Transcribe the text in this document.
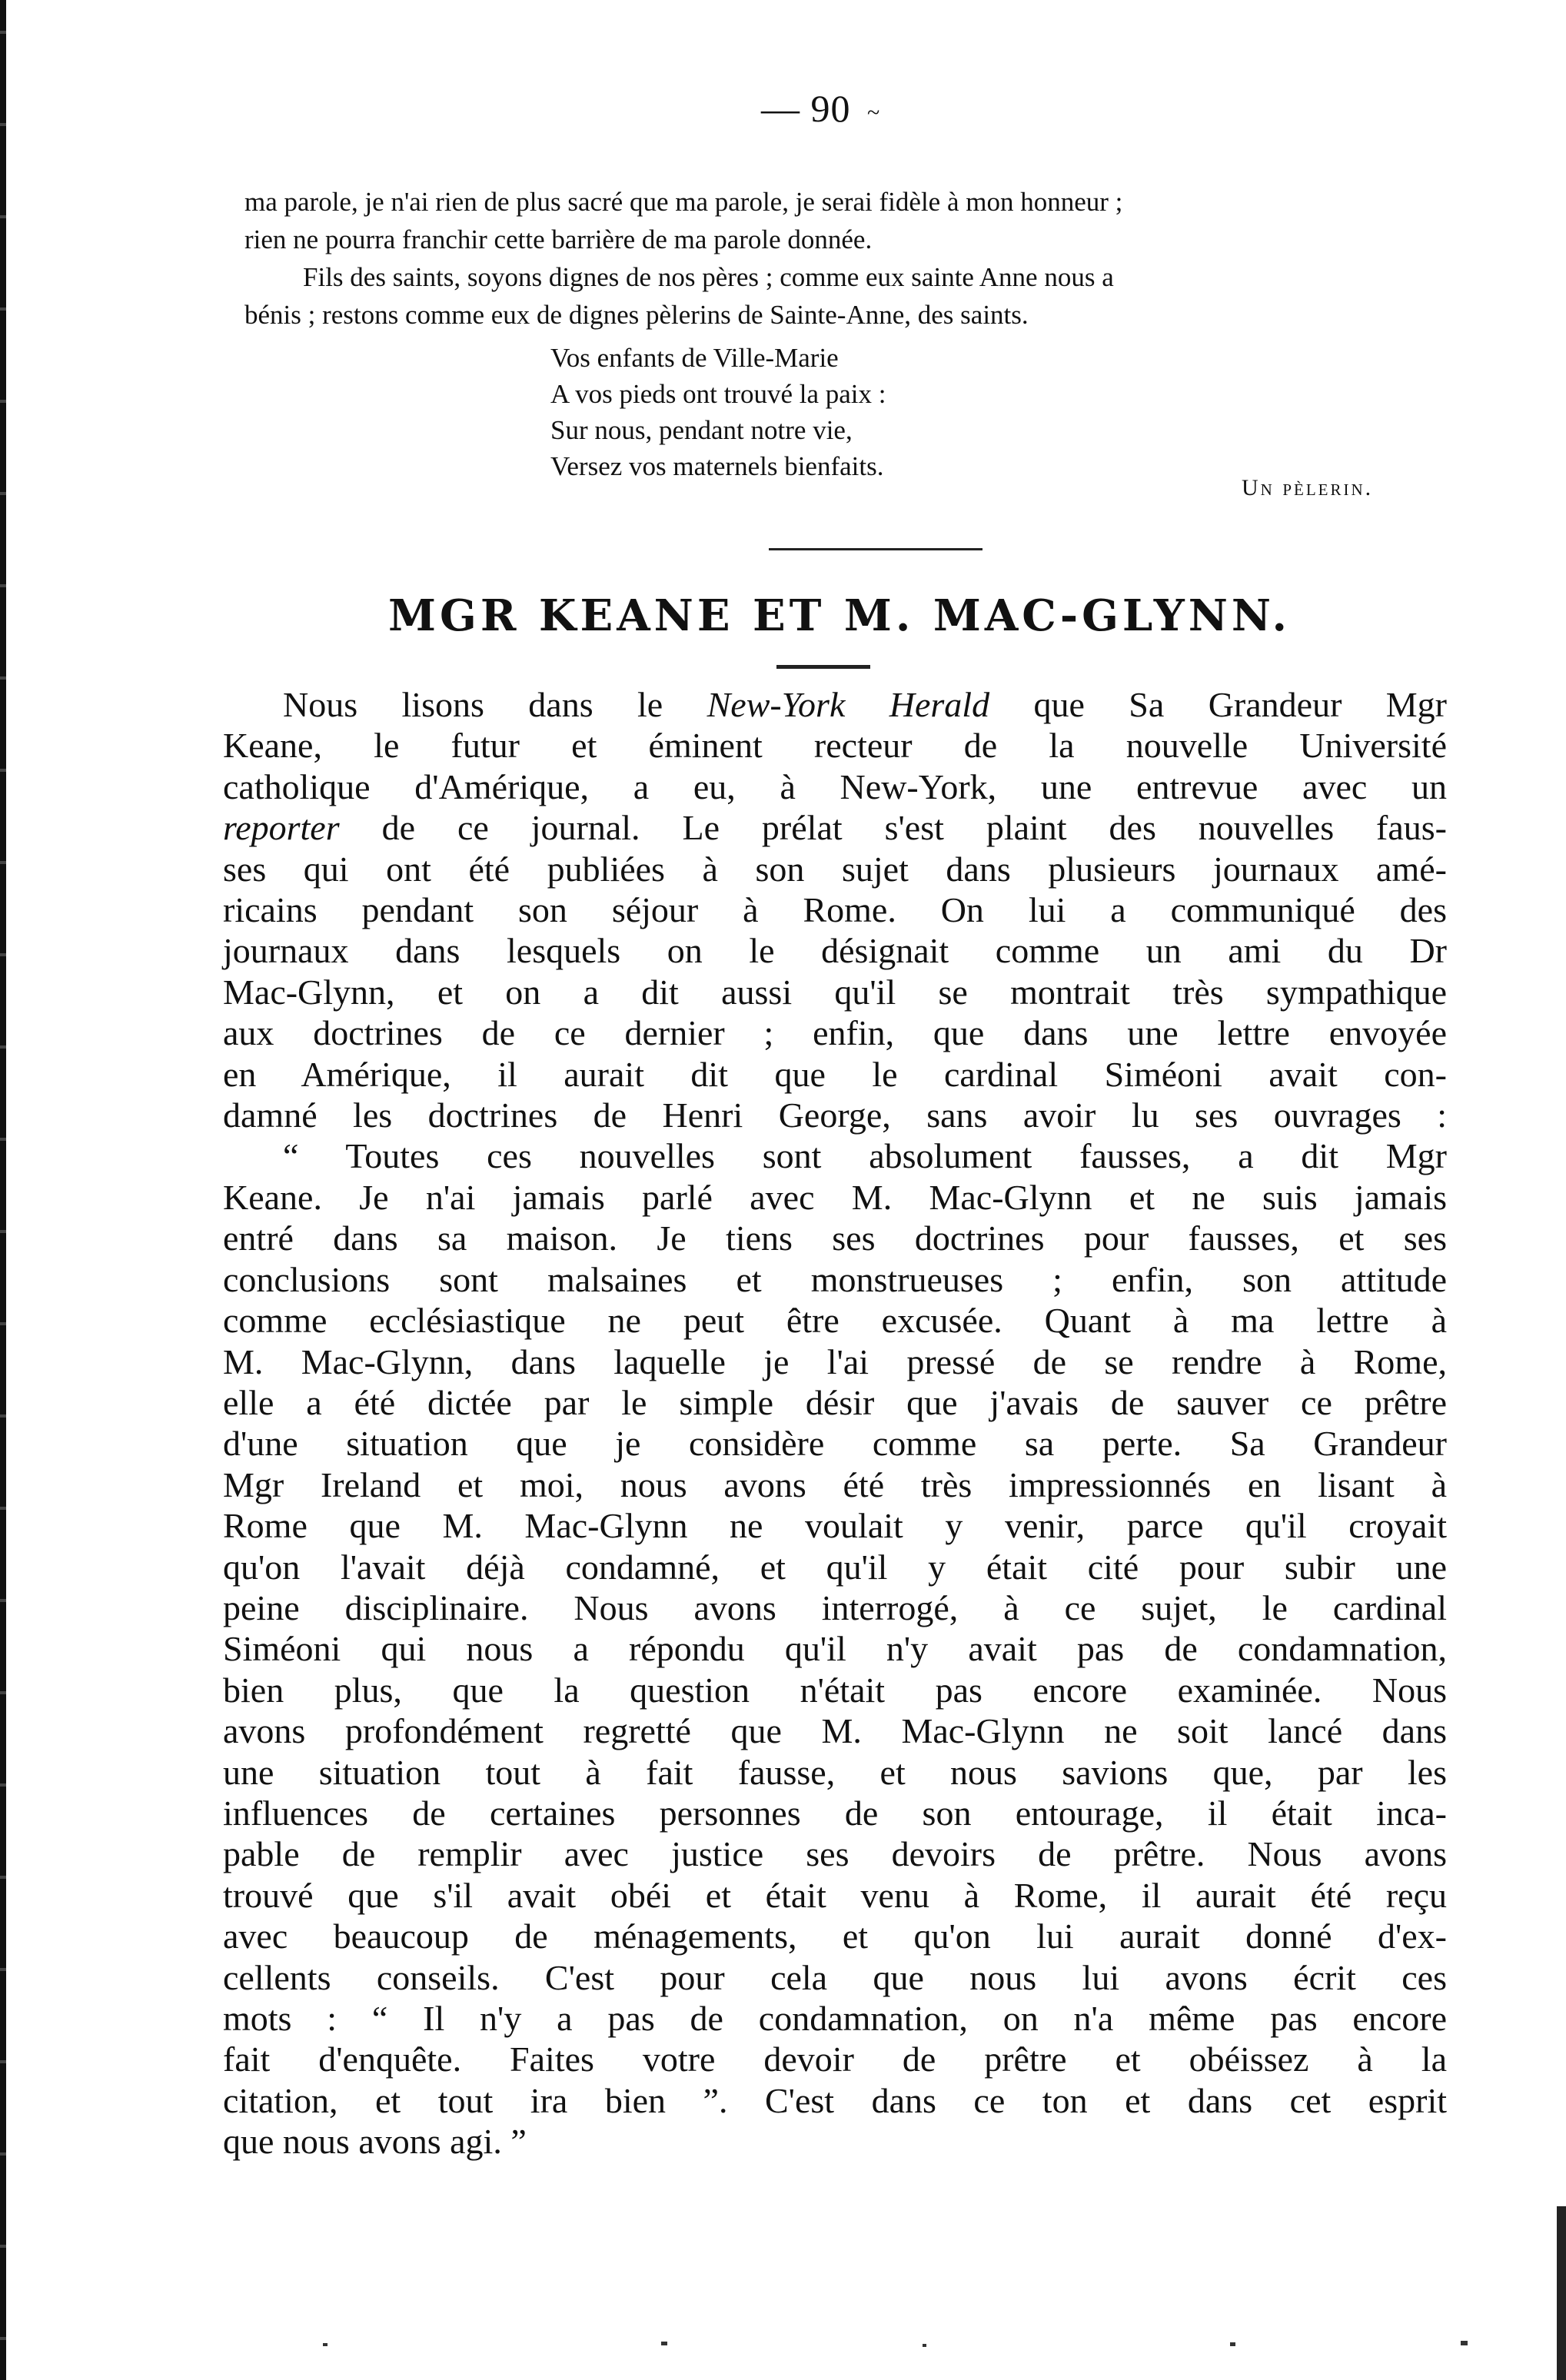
— 90 ~

ma parole, je n'ai rien de plus sacré que ma parole, je serai fidèle à mon honneur ;
rien ne pourra franchir cette barrière de ma parole donnée.

Fils des saints, soyons dignes de nos pères ; comme eux sainte Anne nous a
bénis ; restons comme eux de dignes pèlerins de Sainte-Anne, des saints.

Vos enfants de Ville-Marie
A vos pieds ont trouvé la paix :
Sur nous, pendant notre vie,
Versez vos maternels bienfaits.
Un pèlerin.
MGR KEANE ET M. MAC-GLYNN.
Nous lisons dans le New-York Herald que Sa Grandeur Mgr
Keane, le futur et éminent recteur de la nouvelle Université
catholique d'Amérique, a eu, à New-York, une entrevue avec un
reporter de ce journal. Le prélat s'est plaint des nouvelles faus-
ses qui ont été publiées à son sujet dans plusieurs journaux amé-
ricains pendant son séjour à Rome. On lui a communiqué des
journaux dans lesquels on le désignait comme un ami du Dr
Mac-Glynn, et on a dit aussi qu'il se montrait très sympathique
aux doctrines de ce dernier ; enfin, que dans une lettre envoyée
en Amérique, il aurait dit que le cardinal Siméoni avait con-
damné les doctrines de Henri George, sans avoir lu ses ouvrages :
“ Toutes ces nouvelles sont absolument fausses, a dit Mgr
Keane. Je n'ai jamais parlé avec M. Mac-Glynn et ne suis jamais
entré dans sa maison. Je tiens ses doctrines pour fausses, et ses
conclusions sont malsaines et monstrueuses ; enfin, son attitude
comme ecclésiastique ne peut être excusée. Quant à ma lettre à
M. Mac-Glynn, dans laquelle je l'ai pressé de se rendre à Rome,
elle a été dictée par le simple désir que j'avais de sauver ce prêtre
d'une situation que je considère comme sa perte. Sa Grandeur
Mgr Ireland et moi, nous avons été très impressionnés en lisant à
Rome que M. Mac-Glynn ne voulait y venir, parce qu'il croyait
qu'on l'avait déjà condamné, et qu'il y était cité pour subir une
peine disciplinaire. Nous avons interrogé, à ce sujet, le cardinal
Siméoni qui nous a répondu qu'il n'y avait pas de condamnation,
bien plus, que la question n'était pas encore examinée. Nous
avons profondément regretté que M. Mac-Glynn ne soit lancé dans
une situation tout à fait fausse, et nous savions que, par les
influences de certaines personnes de son entourage, il était inca-
pable de remplir avec justice ses devoirs de prêtre. Nous avons
trouvé que s'il avait obéi et était venu à Rome, il aurait été reçu
avec beaucoup de ménagements, et qu'on lui aurait donné d'ex-
cellents conseils. C'est pour cela que nous lui avons écrit ces
mots : “ Il n'y a pas de condamnation, on n'a même pas encore
fait d'enquête. Faites votre devoir de prêtre et obéissez à la
citation, et tout ira bien ”. C'est dans ce ton et dans cet esprit
que nous avons agi. ”
